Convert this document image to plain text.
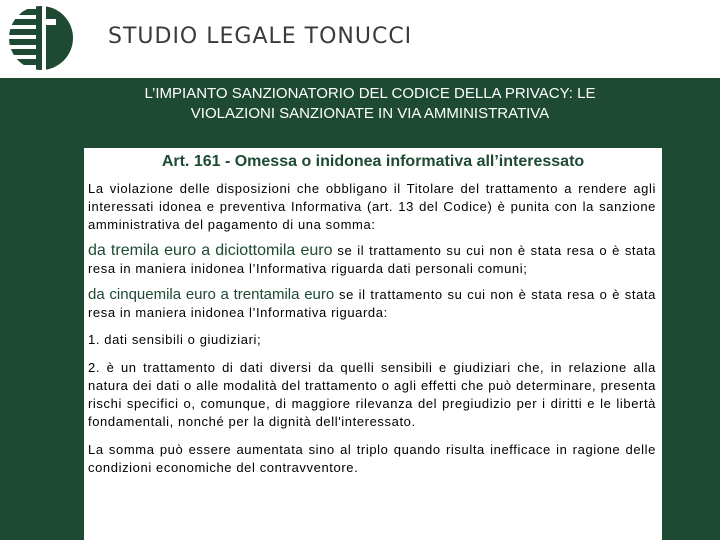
STUDIO LEGALE TONUCCI
L’IMPIANTO SANZIONATORIO DEL CODICE DELLA PRIVACY: LE
VIOLAZIONI SANZIONATE IN VIA AMMINISTRATIVA
Art. 161 - Omessa o inidonea informativa all’interessato
La violazione delle disposizioni che obbligano il Titolare del trattamento a rendere agli interessati idonea e preventiva Informativa (art. 13 del Codice) è punita con la sanzione amministrativa del pagamento di una somma:
da tremila euro a diciottomila euro se il trattamento su cui non è stata resa o è stata resa in maniera inidonea l’Informativa riguarda dati personali comuni;
da cinquemila euro a trentamila euro se il trattamento su cui non è stata resa o è stata resa in maniera inidonea l’Informativa riguarda:
1. dati sensibili o giudiziari;
2. è un trattamento di dati diversi da quelli sensibili e giudiziari che, in relazione alla natura dei dati o alle modalità del trattamento o agli effetti che può determinare, presenta rischi specifici o, comunque, di maggiore rilevanza del pregiudizio per i diritti e le libertà fondamentali, nonché per la dignità dell'interessato.
La somma può essere aumentata sino al triplo quando risulta inefficace in ragione delle condizioni economiche del contravventore.
